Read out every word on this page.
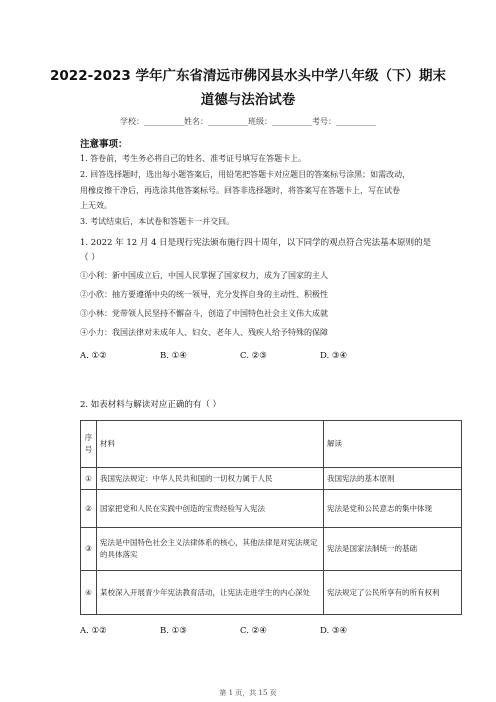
2022-2023 学年广东省清远市佛冈县水头中学八年级（下）期末
道德与法治试卷
学校：__________姓名：__________班级：__________考号：__________
注意事项：
1. 答卷前，考生务必将自己的姓名、准考证号填写在答题卡上。
2. 回答选择题时，选出每小题答案后，用铅笔把答题卡对应题目的答案标号涂黑；如需改动，
用橡皮擦干净后，再选涂其他答案标号。回答非选择题时，将答案写在答题卡上，写在试卷
上无效。
3. 考试结束后，本试卷和答题卡一并交回。
1. 2022 年 12 月 4 日是现行宪法颁布施行四十周年，以下同学的观点符合宪法基本原则的是
（ ）
①小利：新中国成立后，中国人民掌握了国家权力，成为了国家的主人
②小欣：抽方要遵循中央的统一领导，充分发挥自身的主动性、积极性
③小林：党带领人民坚持不懈奋斗，创造了中国特色社会主义伟大成就
④小力：我国法律对未成年人、妇女、老年人、残疾人给予特殊的保障
A. ①②	B. ①④	C. ②③	D. ③④
2. 如表材料与解读对应正确的有（ ）
序号	材料	解读
①	我国宪法规定：中华人民共和国的一切权力属于人民	我国宪法的基本原则
②	国家把党和人民在实践中创造的宝贵经验写入宪法	宪法是党和公民意志的集中体现
③	宪法是中国特色社会主义法律体系的核心，其他法律是对宪法规定的具体落实	宪法是国家法制统一的基础
④	某校深入开展青少年宪法教育活动，让宪法走进学生的内心深处	宪法规定了公民所享有的所有权利
A. ①②	B. ①③	C. ②④	D. ③④
第 1 页，共 15 页
